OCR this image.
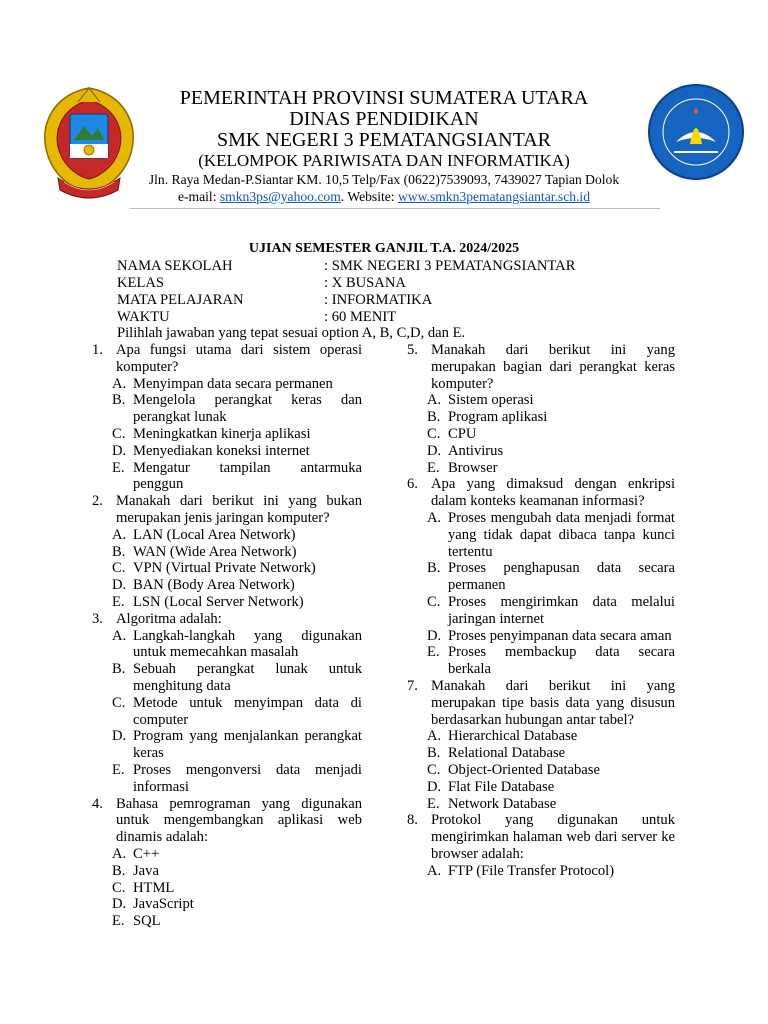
PEMERINTAH PROVINSI SUMATERA UTARA
DINAS PENDIDIKAN
SMK NEGERI 3 PEMATANGSIANTAR
(KELOMPOK PARIWISATA DAN INFORMATIKA)
Jln. Raya Medan-P.Siantar KM. 10,5 Telp/Fax (0622)7539093, 7439027 Tapian Dolok
e-mail: smkn3ps@yahoo.com. Website: www.smkn3pematangsiantar.sch.id
UJIAN SEMESTER GANJIL T.A. 2024/2025
NAMA SEKOLAH	: SMK NEGERI 3 PEMATANGSIANTAR
KELAS	: X BUSANA
MATA PELAJARAN	: INFORMATIKA
WAKTU	: 60 MENIT
Pilihlah jawaban yang tepat sesuai option A, B, C,D, dan E.
1. Apa fungsi utama dari sistem operasi komputer?
A. Menyimpan data secara permanen
B. Mengelola perangkat keras dan perangkat lunak
C. Meningkatkan kinerja aplikasi
D. Menyediakan koneksi internet
E. Mengatur tampilan antarmuka penggun
2. Manakah dari berikut ini yang bukan merupakan jenis jaringan komputer?
A. LAN (Local Area Network)
B. WAN (Wide Area Network)
C. VPN (Virtual Private Network)
D. BAN (Body Area Network)
E. LSN (Local Server Network)
3. Algoritma adalah:
A. Langkah-langkah yang digunakan untuk memecahkan masalah
B. Sebuah perangkat lunak untuk menghitung data
C. Metode untuk menyimpan data di computer
D. Program yang menjalankan perangkat keras
E. Proses mengonversi data menjadi informasi
4. Bahasa pemrograman yang digunakan untuk mengembangkan aplikasi web dinamis adalah:
A. C++
B. Java
C. HTML
D. JavaScript
E. SQL
5. Manakah dari berikut ini yang merupakan bagian dari perangkat keras komputer?
A. Sistem operasi
B. Program aplikasi
C. CPU
D. Antivirus
E. Browser
6. Apa yang dimaksud dengan enkripsi dalam konteks keamanan informasi?
A. Proses mengubah data menjadi format yang tidak dapat dibaca tanpa kunci tertentu
B. Proses penghapusan data secara permanen
C. Proses mengirimkan data melalui jaringan internet
D. Proses penyimpanan data secara aman
E. Proses membackup data secara berkala
7. Manakah dari berikut ini yang merupakan tipe basis data yang disusun berdasarkan hubungan antar tabel?
A. Hierarchical Database
B. Relational Database
C. Object-Oriented Database
D. Flat File Database
E. Network Database
8. Protokol yang digunakan untuk mengirimkan halaman web dari server ke browser adalah:
A. FTP (File Transfer Protocol)
